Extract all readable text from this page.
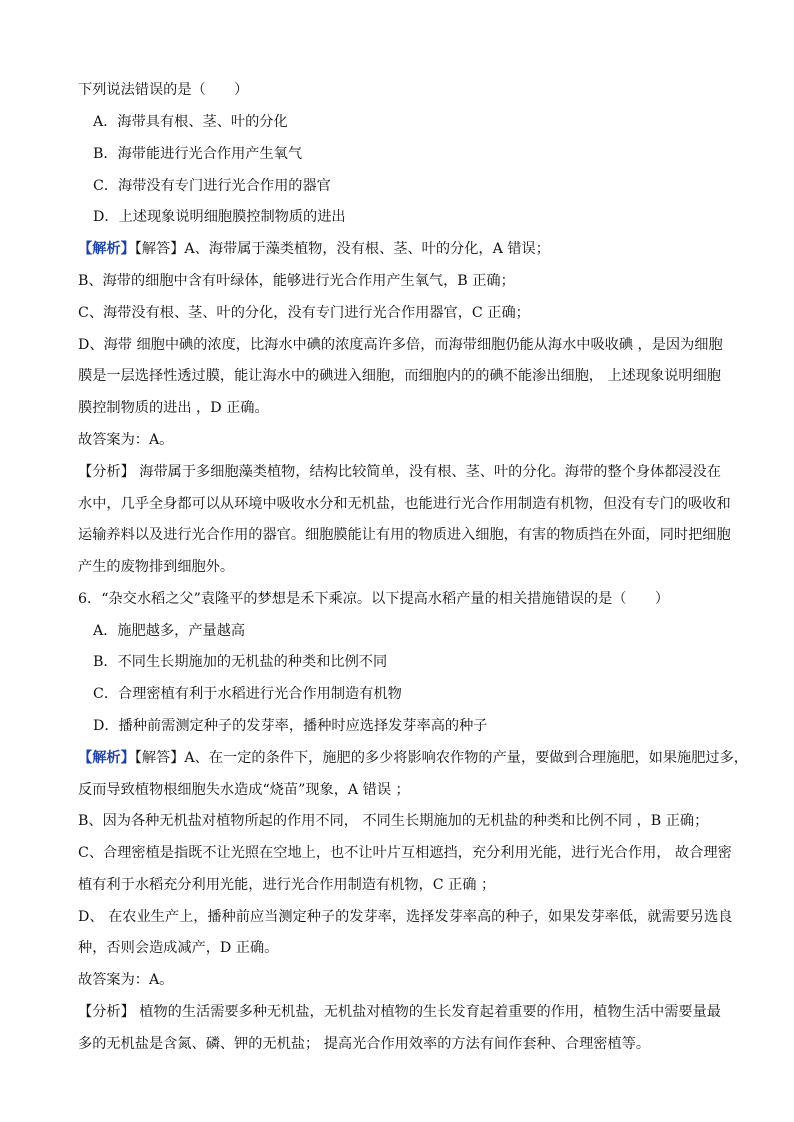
下列说法错误的是（　　）
A．海带具有根、茎、叶的分化
B．海带能进行光合作用产生氧气
C．海带没有专门进行光合作用的器官
D．上述现象说明细胞膜控制物质的进出
【解析】【解答】A、海带属于藻类植物，没有根、茎、叶的分化，A 错误；
B、海带的细胞中含有叶绿体，能够进行光合作用产生氧气，B 正确；
C、海带没有根、茎、叶的分化，没有专门进行光合作用器官，C 正确；
D、海带 细胞中碘的浓度，比海水中碘的浓度高许多倍，而海带细胞仍能从海水中吸收碘 ，是因为细胞
膜是一层选择性透过膜，能让海水中的碘进入细胞，而细胞内的的碘不能渗出细胞， 上述现象说明细胞
膜控制物质的进出 ，D 正确。
故答案为：A。
【分析】 海带属于多细胞藻类植物，结构比较简单，没有根、茎、叶的分化。海带的整个身体都浸没在
水中，几乎全身都可以从环境中吸收水分和无机盐，也能进行光合作用制造有机物，但没有专门的吸收和
运输养料以及进行光合作用的器官。细胞膜能让有用的物质进入细胞，有害的物质挡在外面，同时把细胞
产生的废物排到细胞外。
6．“杂交水稻之父”袁隆平的梦想是禾下乘凉。以下提高水稻产量的相关措施错误的是（　　）
A．施肥越多，产量越高
B．不同生长期施加的无机盐的种类和比例不同
C．合理密植有利于水稻进行光合作用制造有机物
D．播种前需测定种子的发芽率，播种时应选择发芽率高的种子
【解析】【解答】A、在一定的条件下，施肥的多少将影响农作物的产量，要做到合理施肥，如果施肥过多，
反而导致植物根细胞失水造成“烧苗”现象，A 错误 ；
B、因为各种无机盐对植物所起的作用不同， 不同生长期施加的无机盐的种类和比例不同 ，B 正确；
C、合理密植是指既不让光照在空地上，也不让叶片互相遮挡，充分利用光能，进行光合作用， 故合理密
植有利于水稻充分利用光能，进行光合作用制造有机物，C 正确 ；
D、 在农业生产上，播种前应当测定种子的发芽率，选择发芽率高的种子，如果发芽率低，就需要另选良
种，否则会造成减产，D 正确。
故答案为：A。
【分析】 植物的生活需要多种无机盐，无机盐对植物的生长发育起着重要的作用，植物生活中需要量最
多的无机盐是含氮、磷、钾的无机盐； 提高光合作用效率的方法有间作套种、合理密植等。
